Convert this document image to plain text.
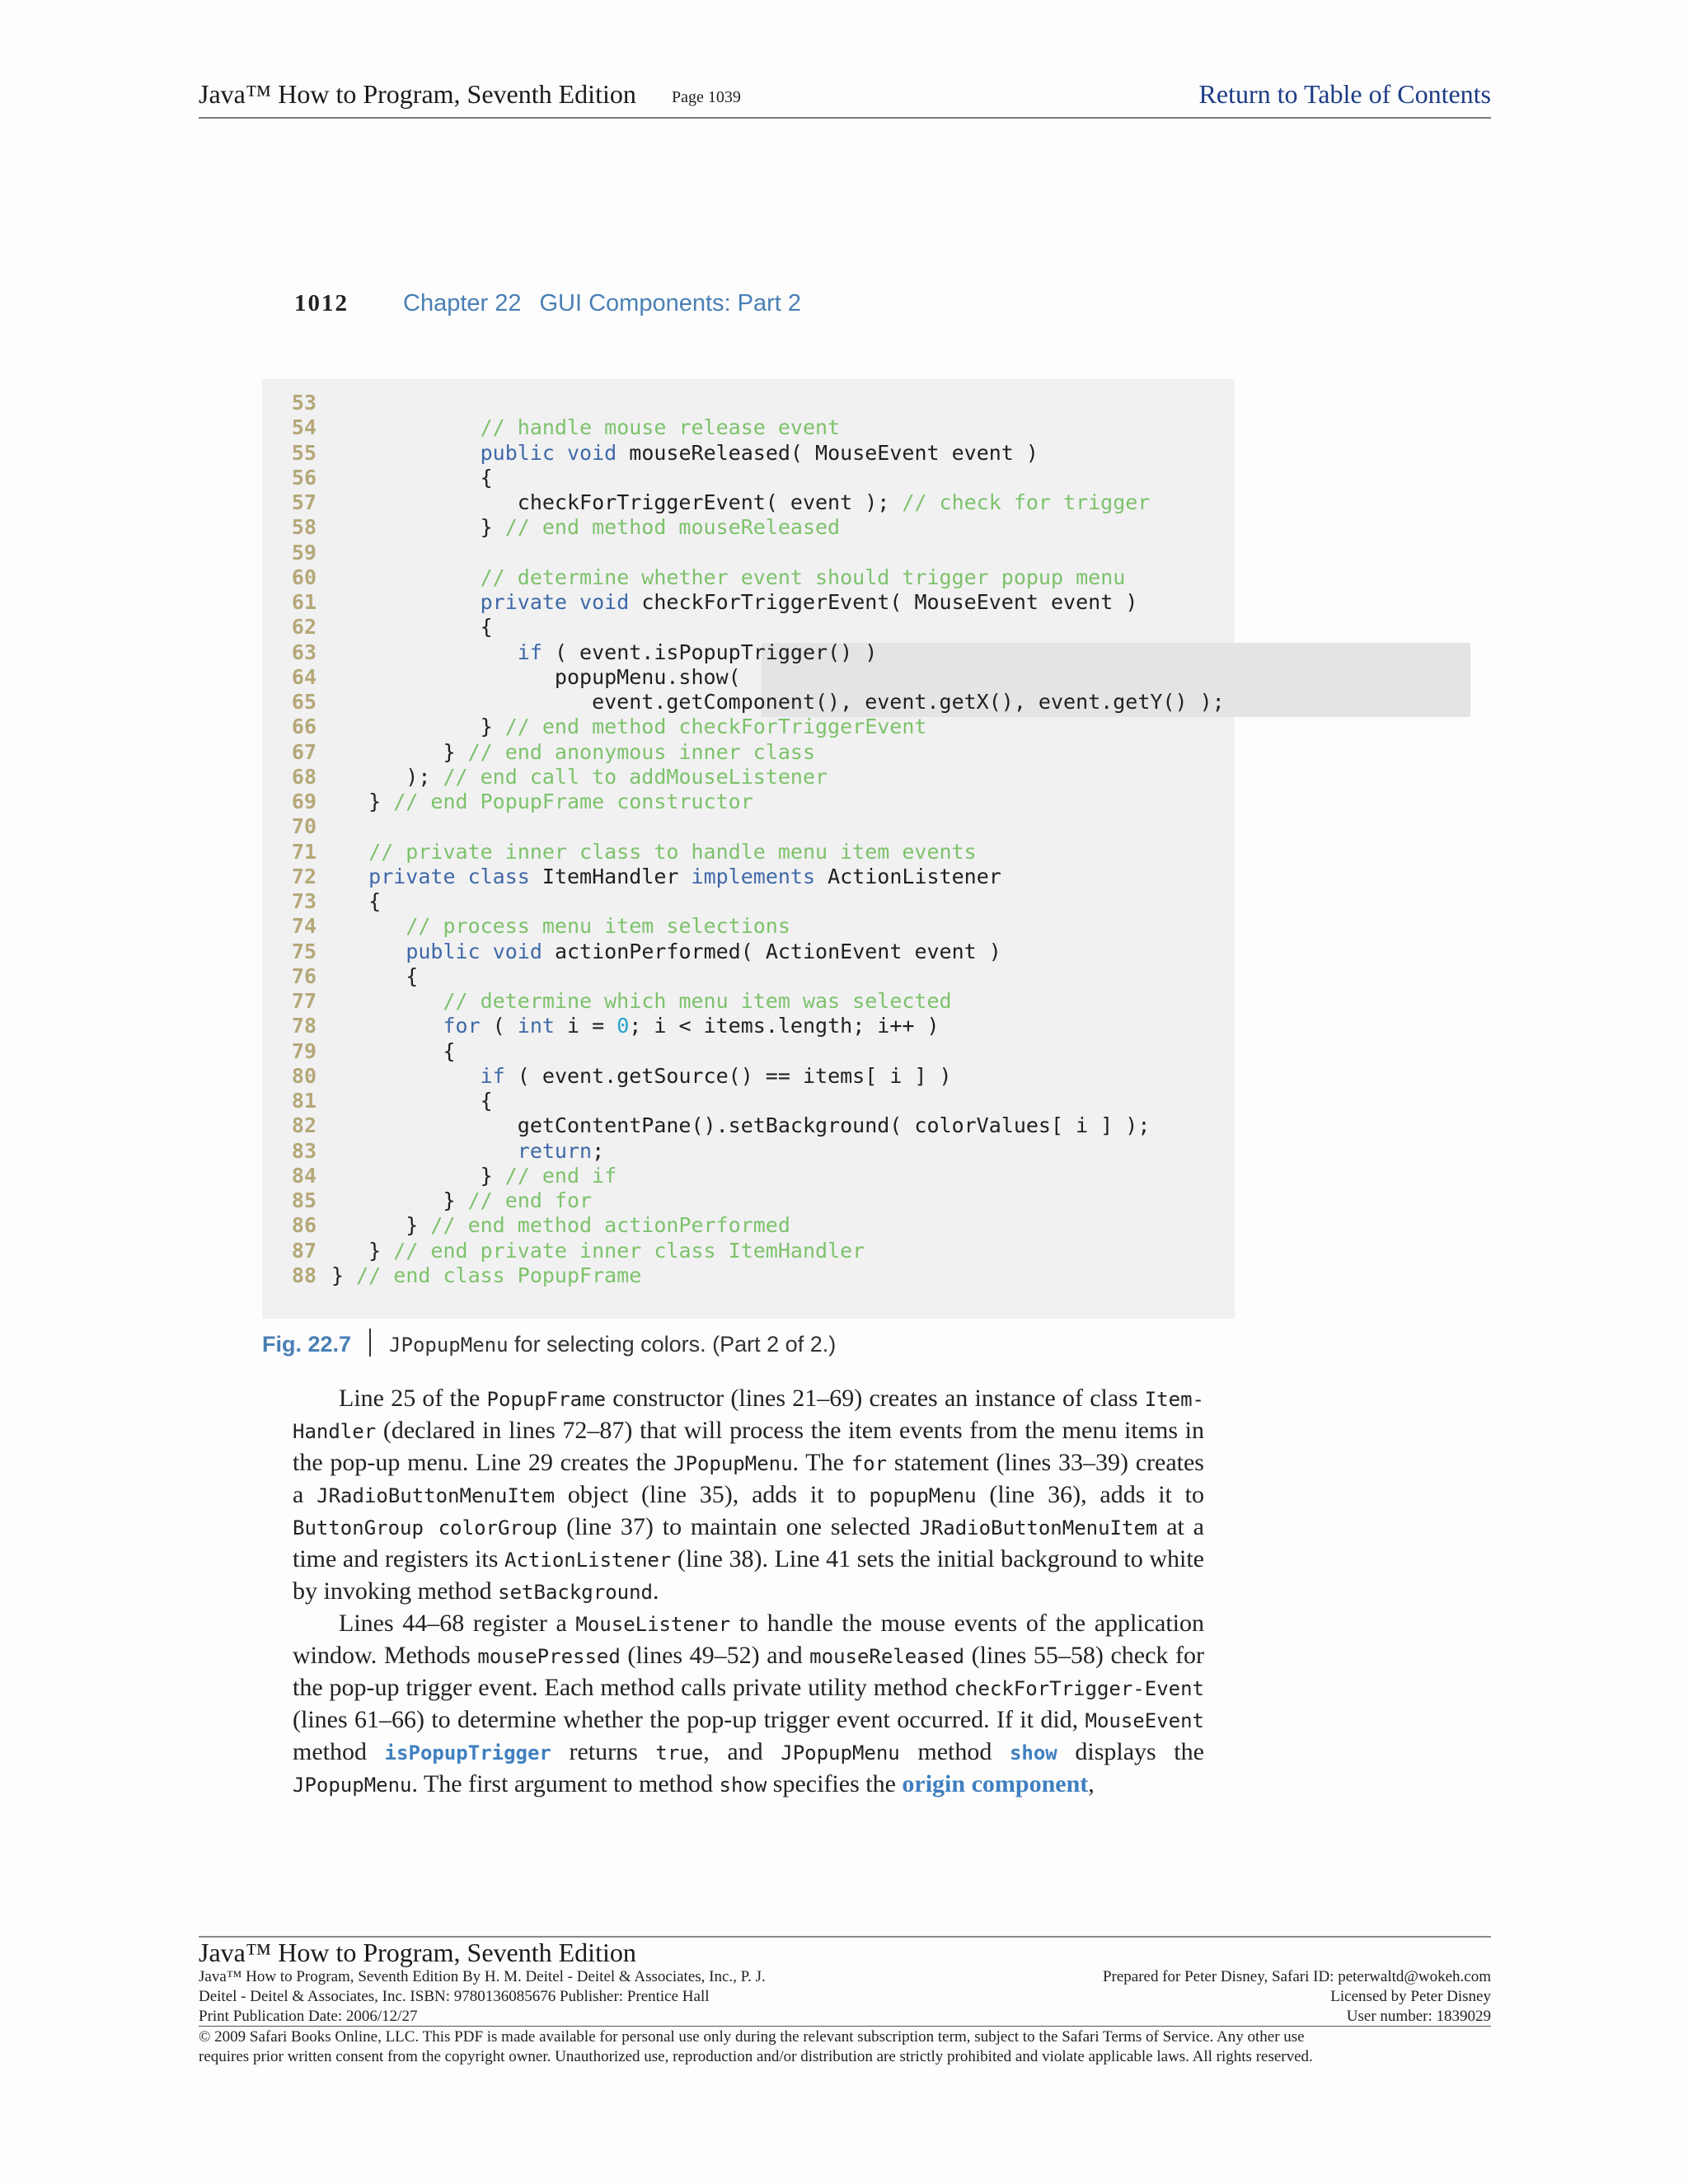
Java™ How to Program, Seventh Edition Page 1039	Return to Table of Contents
1012 Chapter 22 GUI Components: Part 2
53
54	// handle mouse release event
55	public void mouseReleased( MouseEvent event )
56 {
57 checkForTriggerEvent( event ); // check for trigger
58 } // end method mouseReleased
59
60	// determine whether event should trigger popup menu
61	private void checkForTriggerEvent( MouseEvent event )
62 {
63	if ( event.isPopupTrigger() )
64 popupMenu.show(
65 event.getComponent(), event.getX(), event.getY() );
66 } // end method checkForTriggerEvent
67 } // end anonymous inner class
68 ); // end call to addMouseListener
69 } // end PopupFrame constructor
70
71	// private inner class to handle menu item events
72	private class ItemHandler implements ActionListener
73 {
74	// process menu item selections
75	public void actionPerformed( ActionEvent event )
76 {
77	// determine which menu item was selected
78	for ( int i = 0; i < items.length; i++ )
79 {
80	if ( event.getSource() == items[ i ] )
81 {
82 getContentPane().setBackground( colorValues[ i ] );
83	return;
84 } // end if
85 } // end for
86 } // end method actionPerformed
87 } // end private inner class ItemHandler
88 } // end class PopupFrame
Fig. 22.7 JPopupMenu for selecting colors. (Part 2 of 2.)

Line 25 of the PopupFrame constructor (lines 21–69) creates an instance of class Item-Handler (declared in lines 72–87) that will process the item events from the menu items in the pop-up menu. Line 29 creates the JPopupMenu. The for statement (lines 33–39) creates a JRadioButtonMenuItem object (line 35), adds it to popupMenu (line 36), adds it to ButtonGroup colorGroup (line 37) to maintain one selected JRadioButtonMenuItem at a time and registers its ActionListener (line 38). Line 41 sets the initial background to white by invoking method setBackground.

Lines 44–68 register a MouseListener to handle the mouse events of the application window. Methods mousePressed (lines 49–52) and mouseReleased (lines 55–58) check for the pop-up trigger event. Each method calls private utility method checkForTrigger-Event (lines 61–66) to determine whether the pop-up trigger event occurred. If it did, MouseEvent method isPopupTrigger returns true, and JPopupMenu method show displays the JPopupMenu. The first argument to method show specifies the origin component,

Java™ How to Program, Seventh Edition
Java™ How to Program, Seventh Edition By H. M. Deitel - Deitel & Associates, Inc., P. J.
Deitel - Deitel & Associates, Inc. ISBN: 9780136085676 Publisher: Prentice Hall
Print Publication Date: 2006/12/27
Prepared for Peter Disney, Safari ID: peterwaltd@wokeh.com
Licensed by Peter Disney
User number: 1839029
© 2009 Safari Books Online, LLC. This PDF is made available for personal use only during the relevant subscription term, subject to the Safari Terms of Service. Any other use
requires prior written consent from the copyright owner. Unauthorized use, reproduction and/or distribution are strictly prohibited and violate applicable laws. All rights reserved.
